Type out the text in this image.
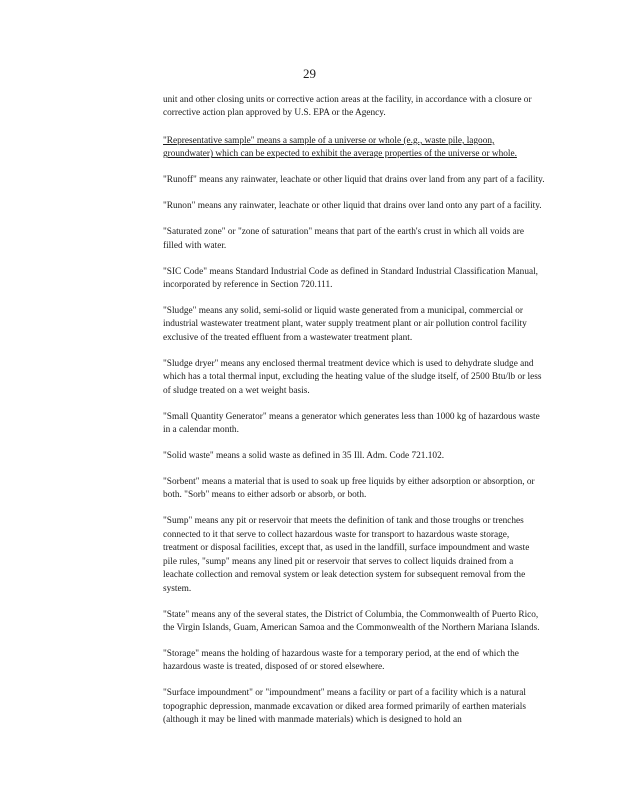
29

unit and other closing units or corrective action areas at the facility, in accordance with a closure or corrective action plan approved by U.S. EPA or the Agency.

"Representative sample" means a sample of a universe or whole (e.g., waste pile, lagoon, groundwater) which can be expected to exhibit the average properties of the universe or whole.

"Runoff" means any rainwater, leachate or other liquid that drains over land from any part of a facility.

"Runon" means any rainwater, leachate or other liquid that drains over land onto any part of a facility.

"Saturated zone" or "zone of saturation" means that part of the earth's crust in which all voids are filled with water.

"SIC Code" means Standard Industrial Code as defined in Standard Industrial Classification Manual, incorporated by reference in Section 720.111.

"Sludge" means any solid, semi-solid or liquid waste generated from a municipal, commercial or industrial wastewater treatment plant, water supply treatment plant or air pollution control facility exclusive of the treated effluent from a wastewater treatment plant.

"Sludge dryer" means any enclosed thermal treatment device which is used to dehydrate sludge and which has a total thermal input, excluding the heating value of the sludge itself, of 2500 Btu/lb or less of sludge treated on a wet weight basis.

"Small Quantity Generator" means a generator which generates less than 1000 kg of hazardous waste in a calendar month.

"Solid waste" means a solid waste as defined in 35 Ill. Adm. Code 721.102.

"Sorbent" means a material that is used to soak up free liquids by either adsorption or absorption, or both. "Sorb" means to either adsorb or absorb, or both.

"Sump" means any pit or reservoir that meets the definition of tank and those troughs or trenches connected to it that serve to collect hazardous waste for transport to hazardous waste storage, treatment or disposal facilities, except that, as used in the landfill, surface impoundment and waste pile rules, "sump" means any lined pit or reservoir that serves to collect liquids drained from a leachate collection and removal system or leak detection system for subsequent removal from the system.

"State" means any of the several states, the District of Columbia, the Commonwealth of Puerto Rico, the Virgin Islands, Guam, American Samoa and the Commonwealth of the Northern Mariana Islands.

"Storage" means the holding of hazardous waste for a temporary period, at the end of which the hazardous waste is treated, disposed of or stored elsewhere.

"Surface impoundment" or "impoundment" means a facility or part of a facility which is a natural topographic depression, manmade excavation or diked area formed primarily of earthen materials (although it may be lined with manmade materials) which is designed to hold an
